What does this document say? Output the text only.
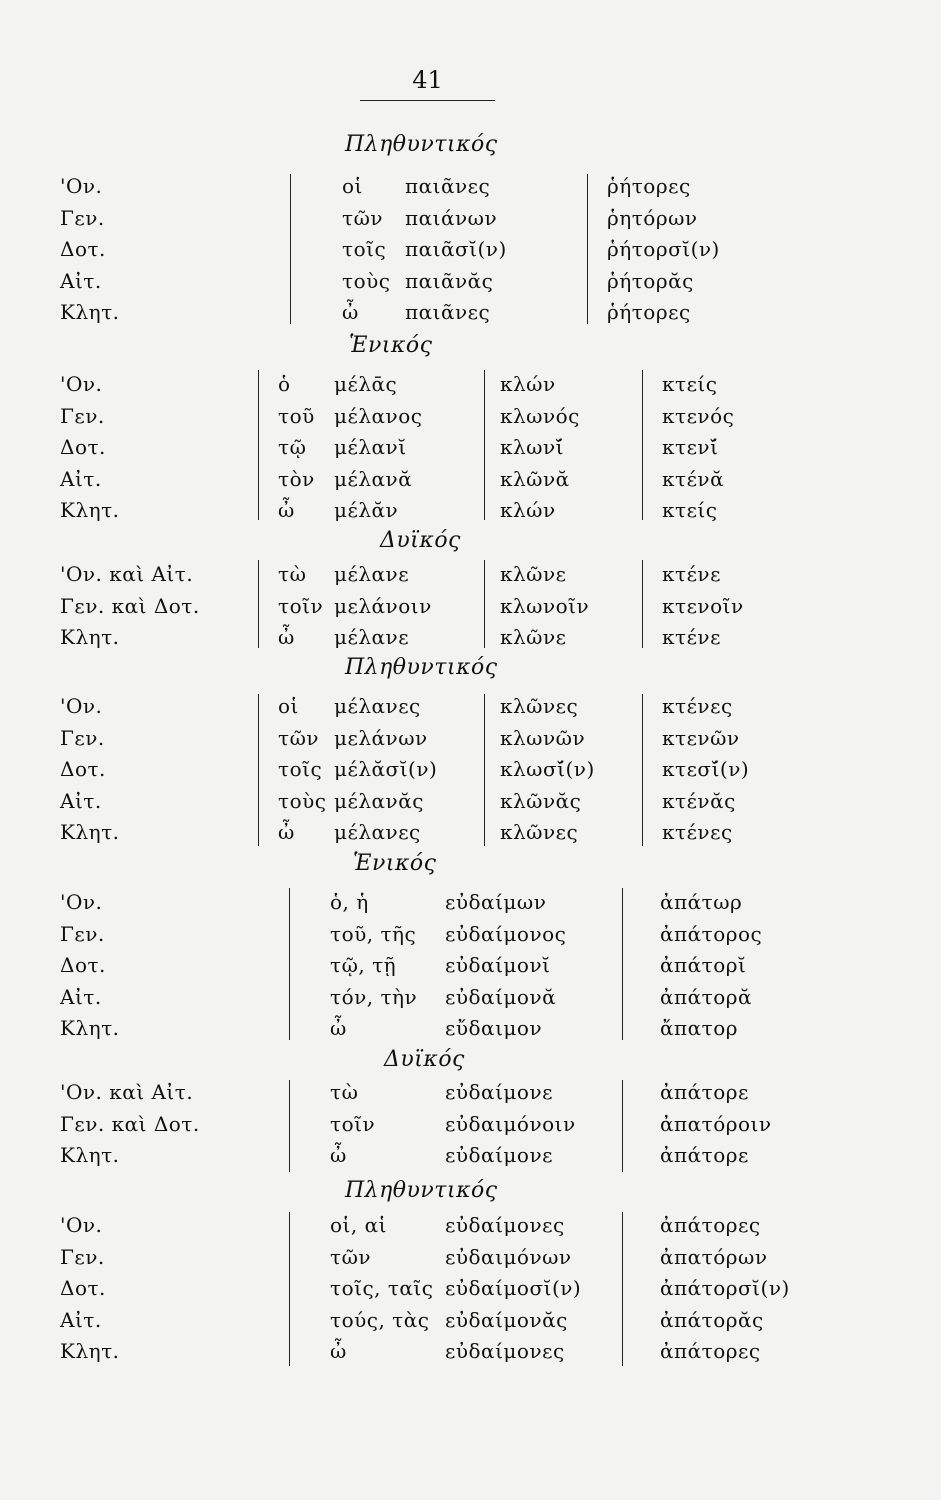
41
Πληθυντικός
'Ον.	οἱ παιᾶνες	ῥήτορες
Γεν.	τῶν παιάνων	ῥητόρων
Δοτ.	τοῖς παιᾶσῐ(ν)	ῥήτορσῐ(ν)
Αἰτ.	τοὺς παιᾶνᾰς	ῥήτορᾰς
Κλητ.	ὦ παιᾶνες	ῥήτορες
Ἑνικός
'Ον.	ὁ μέλᾱς	κλών	κτείς
Γεν.	τοῦ μέλανος	κλωνός	κτενός
Δοτ.	τῷ μέλανῐ	κλωνῐ́	κτενῐ́
Αἰτ.	τὸν μέλανᾰ	κλῶνᾰ	κτένᾰ
Κλητ.	ὦ μέλᾰν	κλών	κτείς
Δυϊκός
'Ον. καὶ Αἰτ.	τὼ μέλανε	κλῶνε	κτένε
Γεν. καὶ Δοτ.	τοῖν μελάνοιν	κλωνοῖν	κτενοῖν
Κλητ.	ὦ μέλανε	κλῶνε	κτένε
Πληθυντικός
'Ον.	οἱ μέλανες	κλῶνες	κτένες
Γεν.	τῶν μελάνων	κλωνῶν	κτενῶν
Δοτ.	τοῖς μέλᾰσῐ(ν)	κλωσῐ́(ν)	κτεσῐ́(ν)
Αἰτ.	τοὺς μέλανᾰς	κλῶνᾰς	κτένᾰς
Κλητ.	ὦ μέλανες	κλῶνες	κτένες
Ἑνικός
'Ον.	ὁ, ἡ	εὐδαίμων	ἀπάτωρ
Γεν.	τοῦ, τῆς εὐδαίμονος	ἀπάτορος
Δοτ.	τῷ, τῇ εὐδαίμονῐ	ἀπάτορῐ
Αἰτ.	τόν, τὴν εὐδαίμονᾰ	ἀπάτορᾰ
Κλητ.	ὦ	εὔδαιμον	ἄπατορ
Δυϊκός
'Ον. καὶ Αἰτ.	τὼ	εὐδαίμονε	ἀπάτορε
Γεν. καὶ Δοτ.	τοῖν	εὐδαιμόνοιν	ἀπατόροιν
Κλητ.	ὦ	εὐδαίμονε	ἀπάτορε
Πληθυντικός
'Ον.	οἱ, αἱ	εὐδαίμονες	ἀπάτορες
Γεν.	τῶν	εὐδαιμόνων	ἀπατόρων
Δοτ.	τοῖς, ταῖς εὐδαίμοσῐ(ν)	ἀπάτορσῐ(ν)
Αἰτ.	τούς, τὰς εὐδαίμονᾰς	ἀπάτορᾰς
Κλητ.	ὦ	εὐδαίμονες	ἀπάτορες
